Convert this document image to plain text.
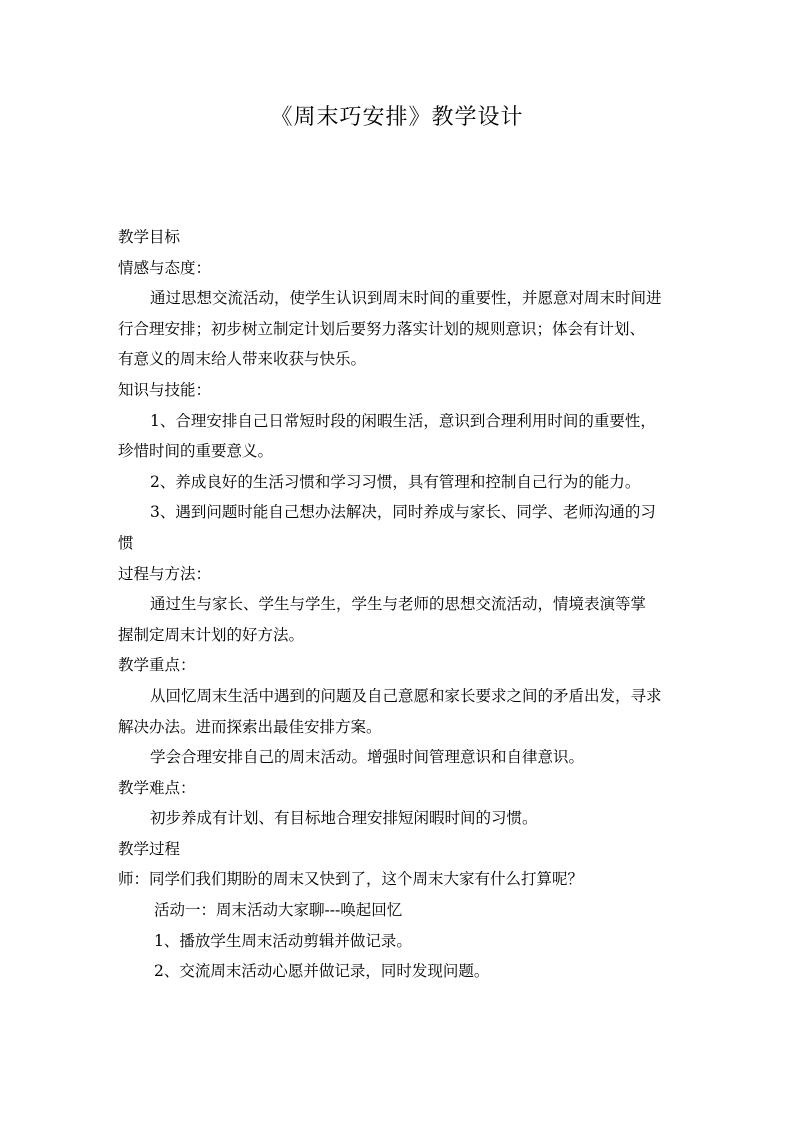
《周末巧安排》教学设计

教学目标

情感与态度：

通过思想交流活动，使学生认识到周末时间的重要性，并愿意对周末时间进

行合理安排；初步树立制定计划后要努力落实计划的规则意识；体会有计划、

有意义的周末给人带来收获与快乐。

知识与技能：

1、合理安排自己日常短时段的闲暇生活，意识到合理利用时间的重要性，

珍惜时间的重要意义。

2、养成良好的生活习惯和学习习惯，具有管理和控制自己行为的能力。

3、遇到问题时能自己想办法解决，同时养成与家长、同学、老师沟通的习

惯

过程与方法：

通过生与家长、学生与学生，学生与老师的思想交流活动，情境表演等掌

握制定周末计划的好方法。

教学重点：

从回忆周末生活中遇到的问题及自己意愿和家长要求之间的矛盾出发，寻求

解决办法。进而探索出最佳安排方案。

学会合理安排自己的周末活动。增强时间管理意识和自律意识。

教学难点：

初步养成有计划、有目标地合理安排短闲暇时间的习惯。

教学过程

师：同学们我们期盼的周末又快到了，这个周末大家有什么打算呢？

活动一：周末活动大家聊---唤起回忆

1、播放学生周末活动剪辑并做记录。

2、交流周末活动心愿并做记录，同时发现问题。
